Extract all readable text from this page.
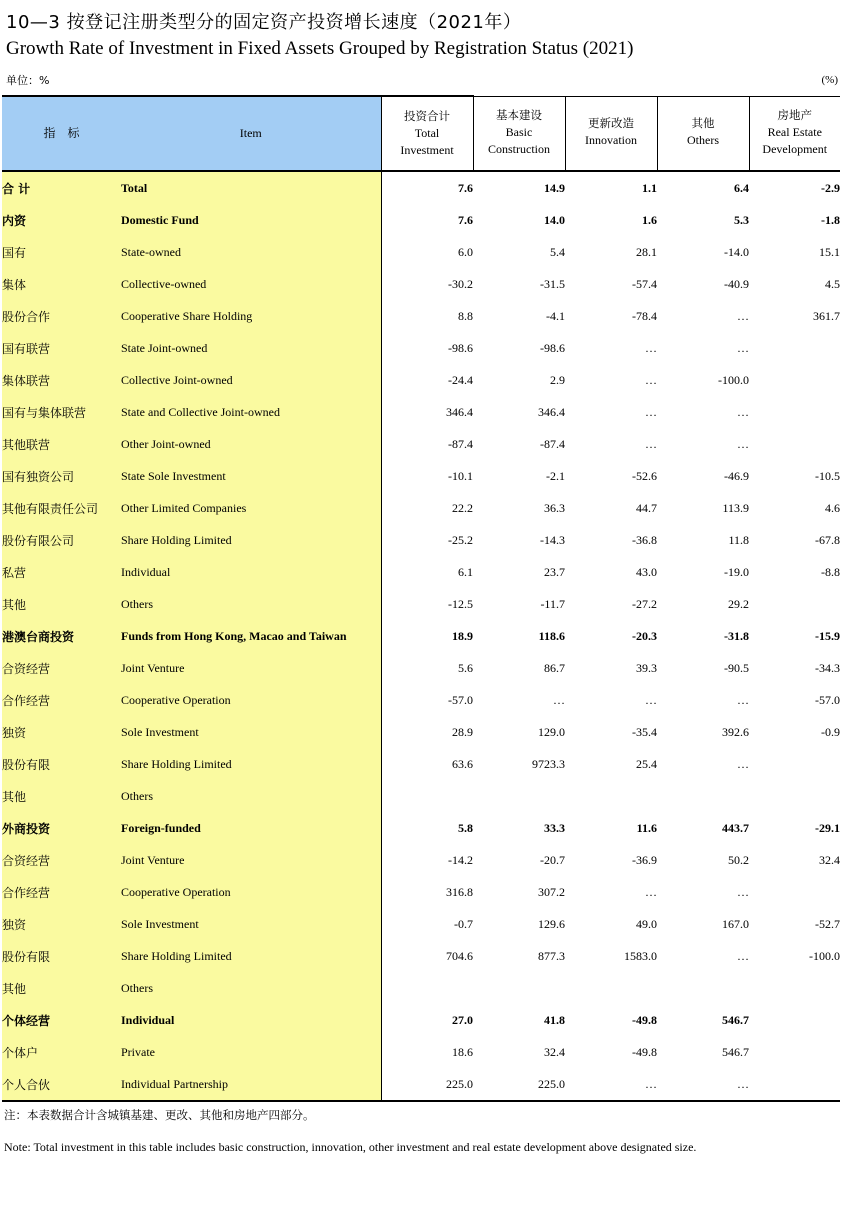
10—3 按登记注册类型分的固定资产投资增长速度（2021年）
Growth Rate of Investment in Fixed Assets Grouped by Registration Status (2021)
单位：%	(%)
指　标	Item	投资合计
Total
Investment	基本建设
Basic
Construction	更新改造
Innovation	其他
Others	房地产
Real Estate
Development

合 计	Total	7.6	14.9	1.1	6.4	-2.9
内资	Domestic Fund	7.6	14.0	1.6	5.3	-1.8
国有	State-owned	6.0	5.4	28.1	-14.0	15.1
集体	Collective-owned	-30.2	-31.5	-57.4	-40.9	4.5
股份合作	Cooperative Share Holding	8.8	-4.1	-78.4	…	361.7
国有联营	State Joint-owned	-98.6	-98.6	…	…	
集体联营	Collective Joint-owned	-24.4	2.9	…	-100.0	
国有与集体联营	State and Collective Joint-owned	346.4	346.4	…	…	
其他联营	Other Joint-owned	-87.4	-87.4	…	…	
国有独资公司	State Sole Investment	-10.1	-2.1	-52.6	-46.9	-10.5
其他有限责任公司	Other Limited Companies	22.2	36.3	44.7	113.9	4.6
股份有限公司	Share Holding Limited	-25.2	-14.3	-36.8	11.8	-67.8
私营	Individual	6.1	23.7	43.0	-19.0	-8.8
其他	Others	-12.5	-11.7	-27.2	29.2	
港澳台商投资	Funds from Hong Kong, Macao and Taiwan	18.9	118.6	-20.3	-31.8	-15.9
合资经营	Joint Venture	5.6	86.7	39.3	-90.5	-34.3
合作经营	Cooperative Operation	-57.0	…	…	…	-57.0
独资	Sole Investment	28.9	129.0	-35.4	392.6	-0.9
股份有限	Share Holding Limited	63.6	9723.3	25.4	…	
其他	Others					
外商投资	Foreign-funded	5.8	33.3	11.6	443.7	-29.1
合资经营	Joint Venture	-14.2	-20.7	-36.9	50.2	32.4
合作经营	Cooperative Operation	316.8	307.2	…	…	
独资	Sole Investment	-0.7	129.6	49.0	167.0	-52.7
股份有限	Share Holding Limited	704.6	877.3	1583.0	…	-100.0
其他	Others					
个体经营	Individual	27.0	41.8	-49.8	546.7	
个体户	Private	18.6	32.4	-49.8	546.7	
个人合伙	Individual Partnership	225.0	225.0	…	…	
注：本表数据合计含城镇基建、更改、其他和房地产四部分。
Note: Total investment in this table includes basic construction, innovation, other investment and real estate development above designated size.
